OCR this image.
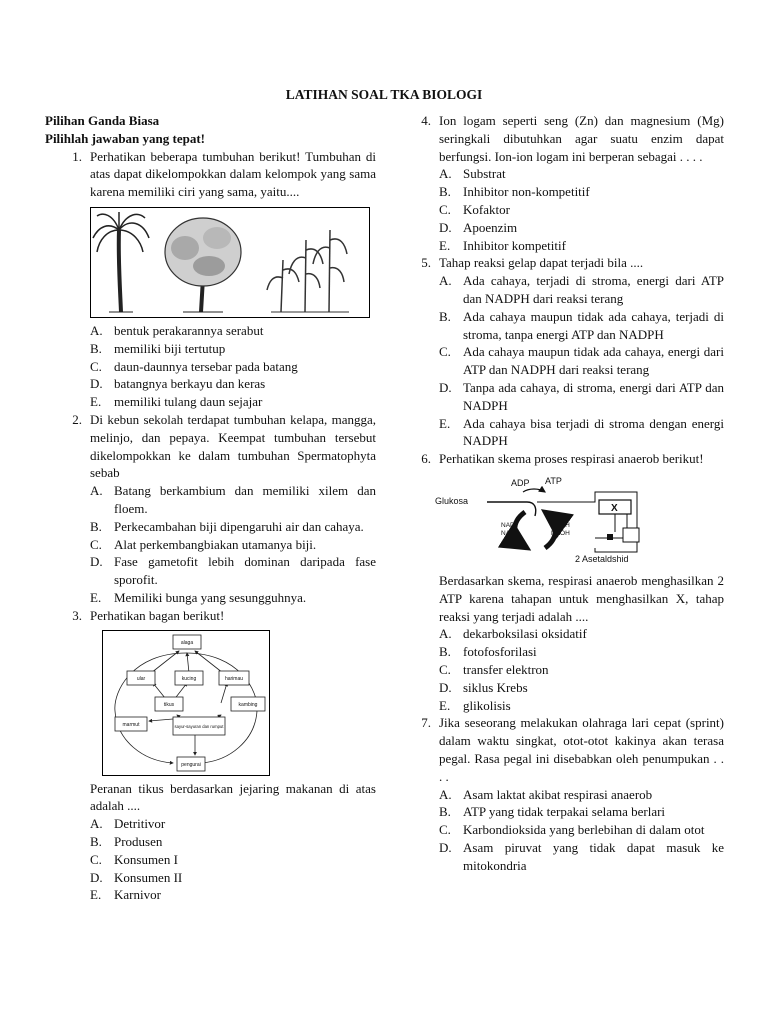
LATIHAN SOAL TKA BIOLOGI
Pilihan Ganda Biasa
Pilihlah jawaban yang tepat!
1. Perhatikan beberapa tumbuhan berikut! Tumbuhan di atas dapat dikelompokkan dalam kelompok yang sama karena memiliki ciri yang sama, yaitu....
A. bentuk perakarannya serabut
B. memiliki biji tertutup
C. daun-daunnya tersebar pada batang
D. batangnya berkayu dan keras
E. memiliki tulang daun sejajar
2. Di kebun sekolah terdapat tumbuhan kelapa, mangga, melinjo, dan pepaya. Keempat tumbuhan tersebut dikelompokkan ke dalam tumbuhan Spermatophyta sebab
A. Batang berkambium dan memiliki xilem dan floem.
B. Perkecambahan biji dipengaruhi air dan cahaya.
C. Alat perkembangbiakan utamanya biji.
D. Fase gametofit lebih dominan daripada fase sporofit.
E. Memiliki bunga yang sesungguhnya.
3. Perhatikan bagan berikut!
alaga
ular	kucing	harimau
tikus	kambing
marmut	sayur-sayuran dan rumput
pengurai
Peranan tikus berdasarkan jejaring makanan di atas adalah ....
A. Detritivor
B. Produsen
C. Konsumen I
D. Konsumen II
E. Karnivor
4. Ion logam seperti seng (Zn) dan magnesium (Mg) seringkali dibutuhkan agar suatu enzim dapat berfungsi. Ion-ion logam ini berperan sebagai . . . .
A. Substrat
B. Inhibitor non-kompetitif
C. Kofaktor
D. Apoenzim
E. Inhibitor kompetitif
5. Tahap reaksi gelap dapat terjadi bila ....
A. Ada cahaya, terjadi di stroma, energi dari ATP dan NADPH dari reaksi terang
B. Ada cahaya maupun tidak ada cahaya, terjadi di stroma, tanpa energi ATP dan NADPH
C. Ada cahaya maupun tidak ada cahaya, energi dari ATP dan NADPH dari reaksi terang
D. Tanpa ada cahaya, di stroma, energi dari ATP dan NADPH
E. Ada cahaya bisa terjadi di stroma dengan energi NADPH
6. Perhatikan skema proses respirasi anaerob berikut!
ADP ATP
Glukosa
2 Asetaldshid
NAD⁺
NAD⁺
NAOH
NAOH
X
Berdasarkan skema, respirasi anaerob menghasilkan 2 ATP karena tahapan untuk menghasilkan X, tahap reaksi yang terjadi adalah ....
A. dekarboksilasi oksidatif
B. fotofosforilasi
C. transfer elektron
D. siklus Krebs
E. glikolisis
7. Jika seseorang melakukan olahraga lari cepat (sprint) dalam waktu singkat, otot-otot kakinya akan terasa pegal. Rasa pegal ini disebabkan oleh penumpukan . . . .
A. Asam laktat akibat respirasi anaerob
B. ATP yang tidak terpakai selama berlari
C. Karbondioksida yang berlebihan di dalam otot
D. Asam piruvat yang tidak dapat masuk ke mitokondria
